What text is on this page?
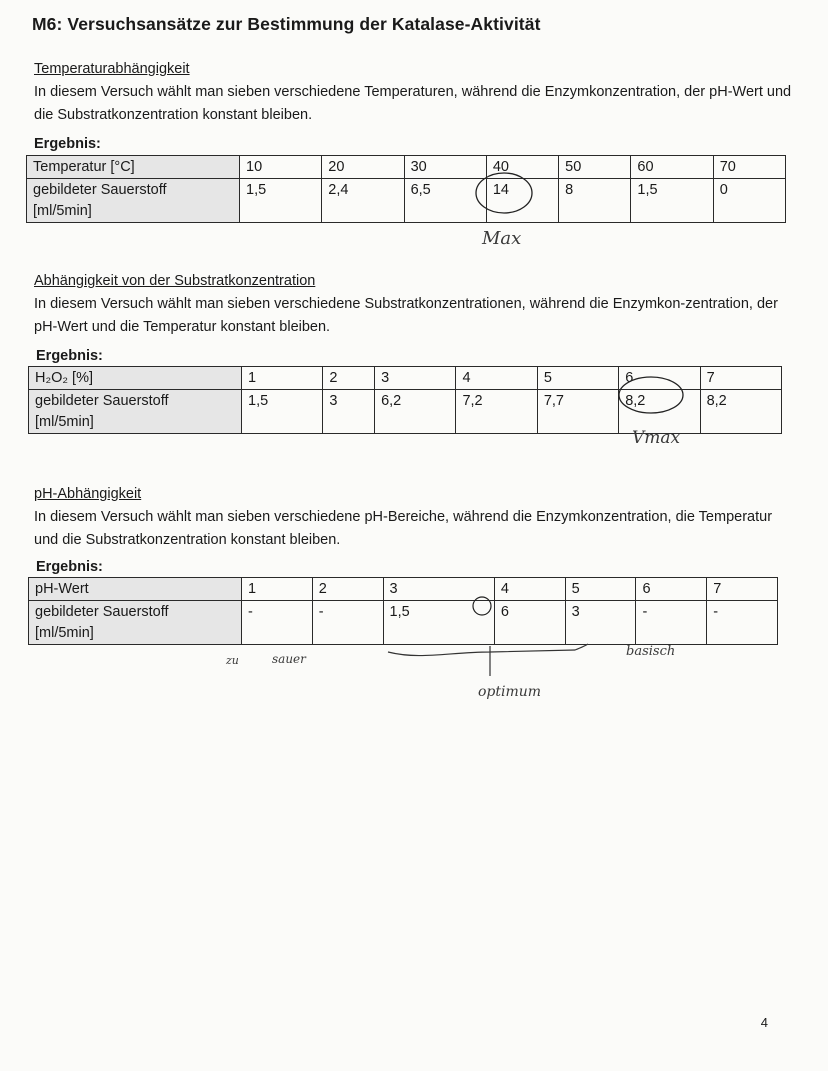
M6: Versuchsansätze zur Bestimmung der Katalase-Aktivität
Temperaturabhängigkeit
In diesem Versuch wählt man sieben verschiedene Temperaturen, während die Enzymkonzentration, der pH-Wert und die Substratkonzentration konstant bleiben.
Ergebnis:
Temperatur [°C]	10	20	30	40	50	60	70

gebildeter Sauerstoff
[ml/5min]	1,5	2,4	6,5	14	8	1,5	0
Max
Abhängigkeit von der Substratkonzentration
In diesem Versuch wählt man sieben verschiedene Substratkonzentrationen, während die Enzymkon-zentration, der pH-Wert und die Temperatur konstant bleiben.
Ergebnis:
H₂O₂ [%]	1	2	3	4	5	6	7

gebildeter Sauerstoff
[ml/5min]	1,5	3	6,2	7,2	7,7	8,2	8,2
Vmax
pH-Abhängigkeit
In diesem Versuch wählt man sieben verschiedene pH-Bereiche, während die Enzymkonzentration, die Temperatur und die Substratkonzentration konstant bleiben.
Ergebnis:
pH-Wert	1	2	3	4	5	6	7

gebildeter Sauerstoff
[ml/5min]	-	-	1,5	6	3	-	-
zu	sauer	basisch
optimum
4
